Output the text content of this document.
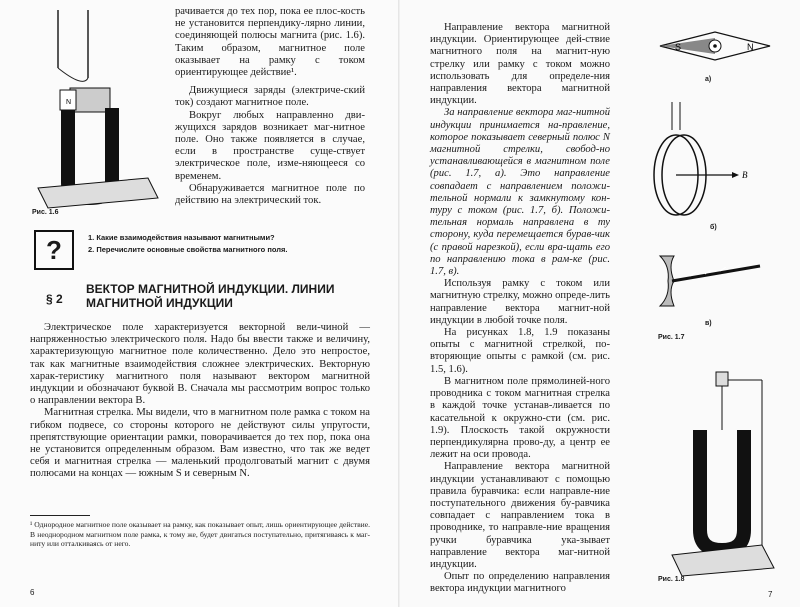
N
Рис. 1.6

рачивается до тех пор, пока ее плос-кость не установится перпендику-лярно линии, соединяющей полюсы магнита (рис. 1.6). Таким образом, магнитное поле оказывает на рамку с током ориентирующее действие¹.

Движущиеся заряды (электриче-ский ток) создают магнитное поле.

Вокруг любых направленно дви-жущихся зарядов возникает маг-нитное поле. Оно также появляется в случае, если в пространстве суще-ствует электрическое поле, изме-няющееся со временем.

Обнаруживается магнитное поле по действию на электрический ток.

?	1. Какие взаимодействия называют магнитными?
2. Перечислите основные свойства магнитного поля.
§ 2
ВЕКТОР МАГНИТНОЙ ИНДУКЦИИ. ЛИНИИ МАГНИТНОЙ ИНДУКЦИИ

Электрическое поле характеризуется векторной вели-чиной — напряженностью электрического поля. Надо бы ввести также и величину, характеризующую магнитное поле количественно. Дело это непростое, так как магнитные взаимодействия сложнее электрических. Векторную харак-теристику магнитного поля называют вектором магнитной индукции и обозначают буквой B. Сначала мы рассмотрим вопрос только о направлении вектора B.

Магнитная стрелка. Мы видели, что в магнитном поле рамка с током на гибком подвесе, со стороны которого не действуют силы упругости, препятствующие ориентации рамки, поворачивается до тех пор, пока она не установится определенным образом. Вам известно, что так же ведет себя и магнитная стрелка — маленький продолговатый магнит с двумя полюсами на концах — южным S и северным N.

¹ Однородное магнитное поле оказывает на рамку, как показывает опыт, лишь ориентирующее действие. В неоднородном магнитном поле рамка, к тому же, будет двигаться поступательно, притягиваясь к маг-ниту или отталкиваясь от него.
6

Направление вектора магнитной индукции. Ориентирующее дей-ствие магнитного поля на магнит-ную стрелку или рамку с током можно использовать для определе-ния направления вектора магнитной индукции.

За направление вектора маг-нитной индукции принимается на-правление, которое показывает северный полюс N магнитной стрелки, свобод-но устанавливающейся в магнитном поле (рис. 1.7, а). Это направление совпадает с направлением положи-тельной нормали к замкнутому кон-туру с током (рис. 1.7, б). Положи-тельная нормаль направлена в ту сторону, куда перемещается бурав-чик (с правой нарезкой), если вра-щать его по направлению тока в рам-ке (рис. 1.7, в).

Используя рамку с током или магнитную стрелку, можно опреде-лить направление вектора магнит-ной индукции в любой точке поля.

На рисунках 1.8, 1.9 показаны опыты с магнитной стрелкой, по-вторяющие опыты с рамкой (см. рис. 1.5, 1.6).

В магнитном поле прямолиней-ного проводника с током магнитная стрелка в каждой точке устанав-ливается по касательной к окружно-сти (см. рис. 1.9). Плоскость такой окружности перпендикулярна прово-ду, а центр ее лежит на оси провода.

Направление вектора магнитной индукции устанавливают с помощью правила буравчика: если направле-ние поступательного движения бу-равчика совпадает с направлением тока в проводнике, то направле-ние вращения ручки буравчика ука-зывает направление вектора маг-нитной индукции.

Опыт по определению направления вектора индукции магнитного

S	N
а)
B
б)
в)
Рис. 1.7
Рис. 1.8
7
